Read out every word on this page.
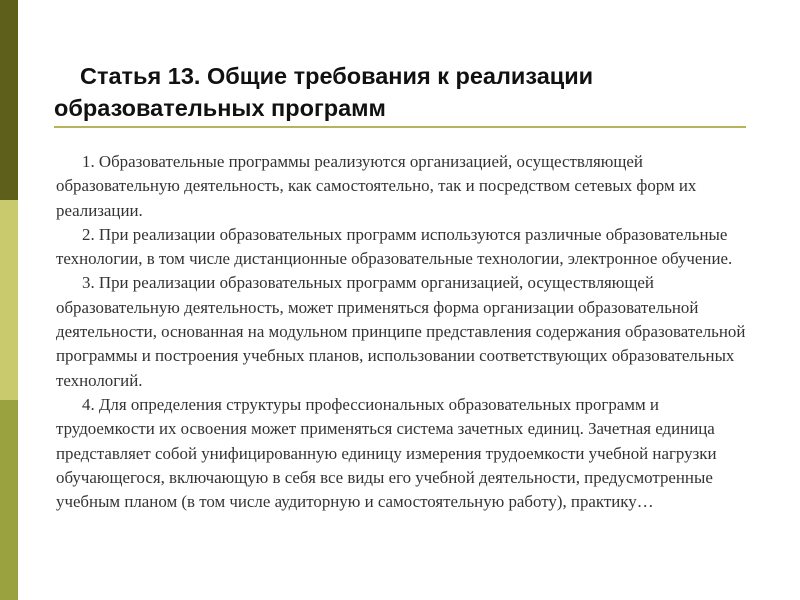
Статья 13. Общие требования к реализации
образовательных программ

1. Образовательные программы реализуются организацией, осуществляющей образовательную деятельность, как самостоятельно, так и посредством сетевых форм их реализации.

2. При реализации образовательных программ используются различные образовательные технологии, в том числе дистанционные образовательные технологии, электронное обучение.

3. При реализации образовательных программ организацией, осуществляющей образовательную деятельность, может применяться форма организации образовательной деятельности, основанная на модульном принципе представления содержания образовательной программы и построения учебных планов, использовании соответствующих образовательных технологий.

4. Для определения структуры профессиональных образовательных программ и трудоемкости их освоения может применяться система зачетных единиц. Зачетная единица представляет собой унифицированную единицу измерения трудоемкости учебной нагрузки обучающегося, включающую в себя все виды его учебной деятельности, предусмотренные учебным планом (в том числе аудиторную и самостоятельную работу), практику…
